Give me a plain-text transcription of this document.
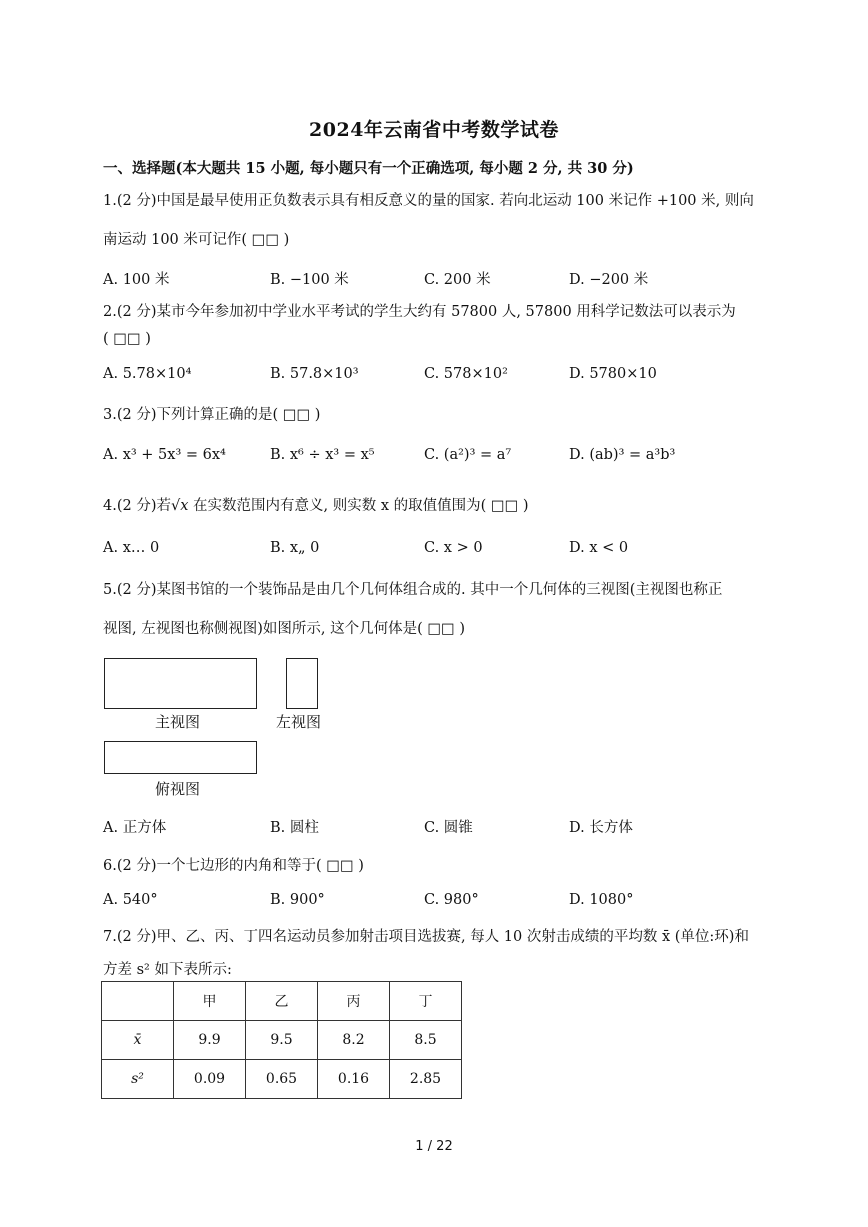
2024年云南省中考数学试卷
一、选择题(本大题共 15 小题, 每小题只有一个正确选项, 每小题 2 分, 共 30 分)
1.(2 分)中国是最早使用正负数表示具有相反意义的量的国家. 若向北运动 100 米记作 +100 米, 则向
南运动 100 米可记作( □□ )
A. 100 米	B. −100 米	C. 200 米	D. −200 米
2.(2 分)某市今年参加初中学业水平考试的学生大约有 57800 人, 57800 用科学记数法可以表示为
( □□ )
A. 5.78×10⁴	B. 57.8×10³	C. 578×10²	D. 5780×10
3.(2 分)下列计算正确的是( □□ )
A. x³ + 5x³ = 6x⁴	B. x⁶ ÷ x³ = x⁵	C. (a²)³ = a⁷	D. (ab)³ = a³b³
4.(2 分)若√x 在实数范围内有意义, 则实数 x 的取值值围为( □□ )
A. x… 0	B. x„ 0	C. x > 0	D. x < 0
5.(2 分)某图书馆的一个装饰品是由几个几何体组合成的. 其中一个几何体的三视图(主视图也称正
视图, 左视图也称侧视图)如图所示, 这个几何体是( □□ )
主视图	左视图
俯视图
A. 正方体	B. 圆柱	C. 圆锥	D. 长方体
6.(2 分)一个七边形的内角和等于( □□ )
A. 540°	B. 900°	C. 980°	D. 1080°
7.(2 分)甲、乙、丙、丁四名运动员参加射击项目选拔赛, 每人 10 次射击成绩的平均数 x̄ (单位:环)和
方差 s² 如下表所示:
	甲	乙	丙	丁
x̄	9.9	9.5	8.2	8.5
s²	0.09	0.65	0.16	2.85
1 / 22
